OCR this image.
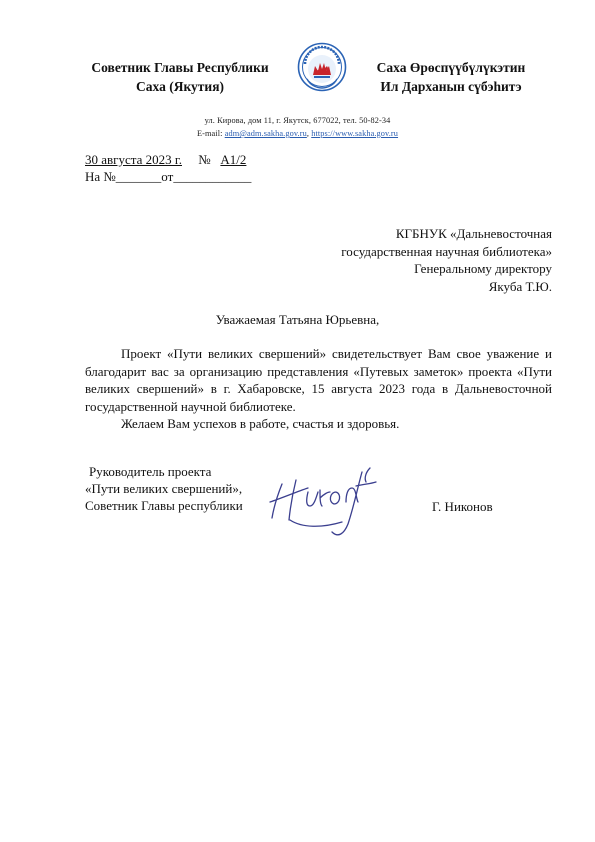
Советник Главы Республики
Саха (Якутия)
Саха Өрөспүүбүлүкэтин
Ил Дарханын сүбэһитэ
ул. Кирова, дом 11, г. Якутск, 677022, тел. 50-82-34
E-mail: adm@adm.sakha.gov.ru, https://www.sakha.gov.ru
30 августа 2023 г. № А1/2
На №_______от____________
КГБНУК «Дальневосточная
государственная научная библиотека»
Генеральному директору
Якуба Т.Ю.
Уважаемая Татьяна Юрьевна,

Проект «Пути великих свершений» свидетельствует Вам свое уважение и благодарит вас за организацию представления «Путевых заметок» проекта «Пути великих свершений» в г. Хабаровске, 15 августа 2023 года в Дальневосточной государственной научной библиотеке.

Желаем Вам успехов в работе, счастья и здоровья.

Руководитель проекта
«Пути великих свершений»,
Советник Главы республики	Г. Никонов
